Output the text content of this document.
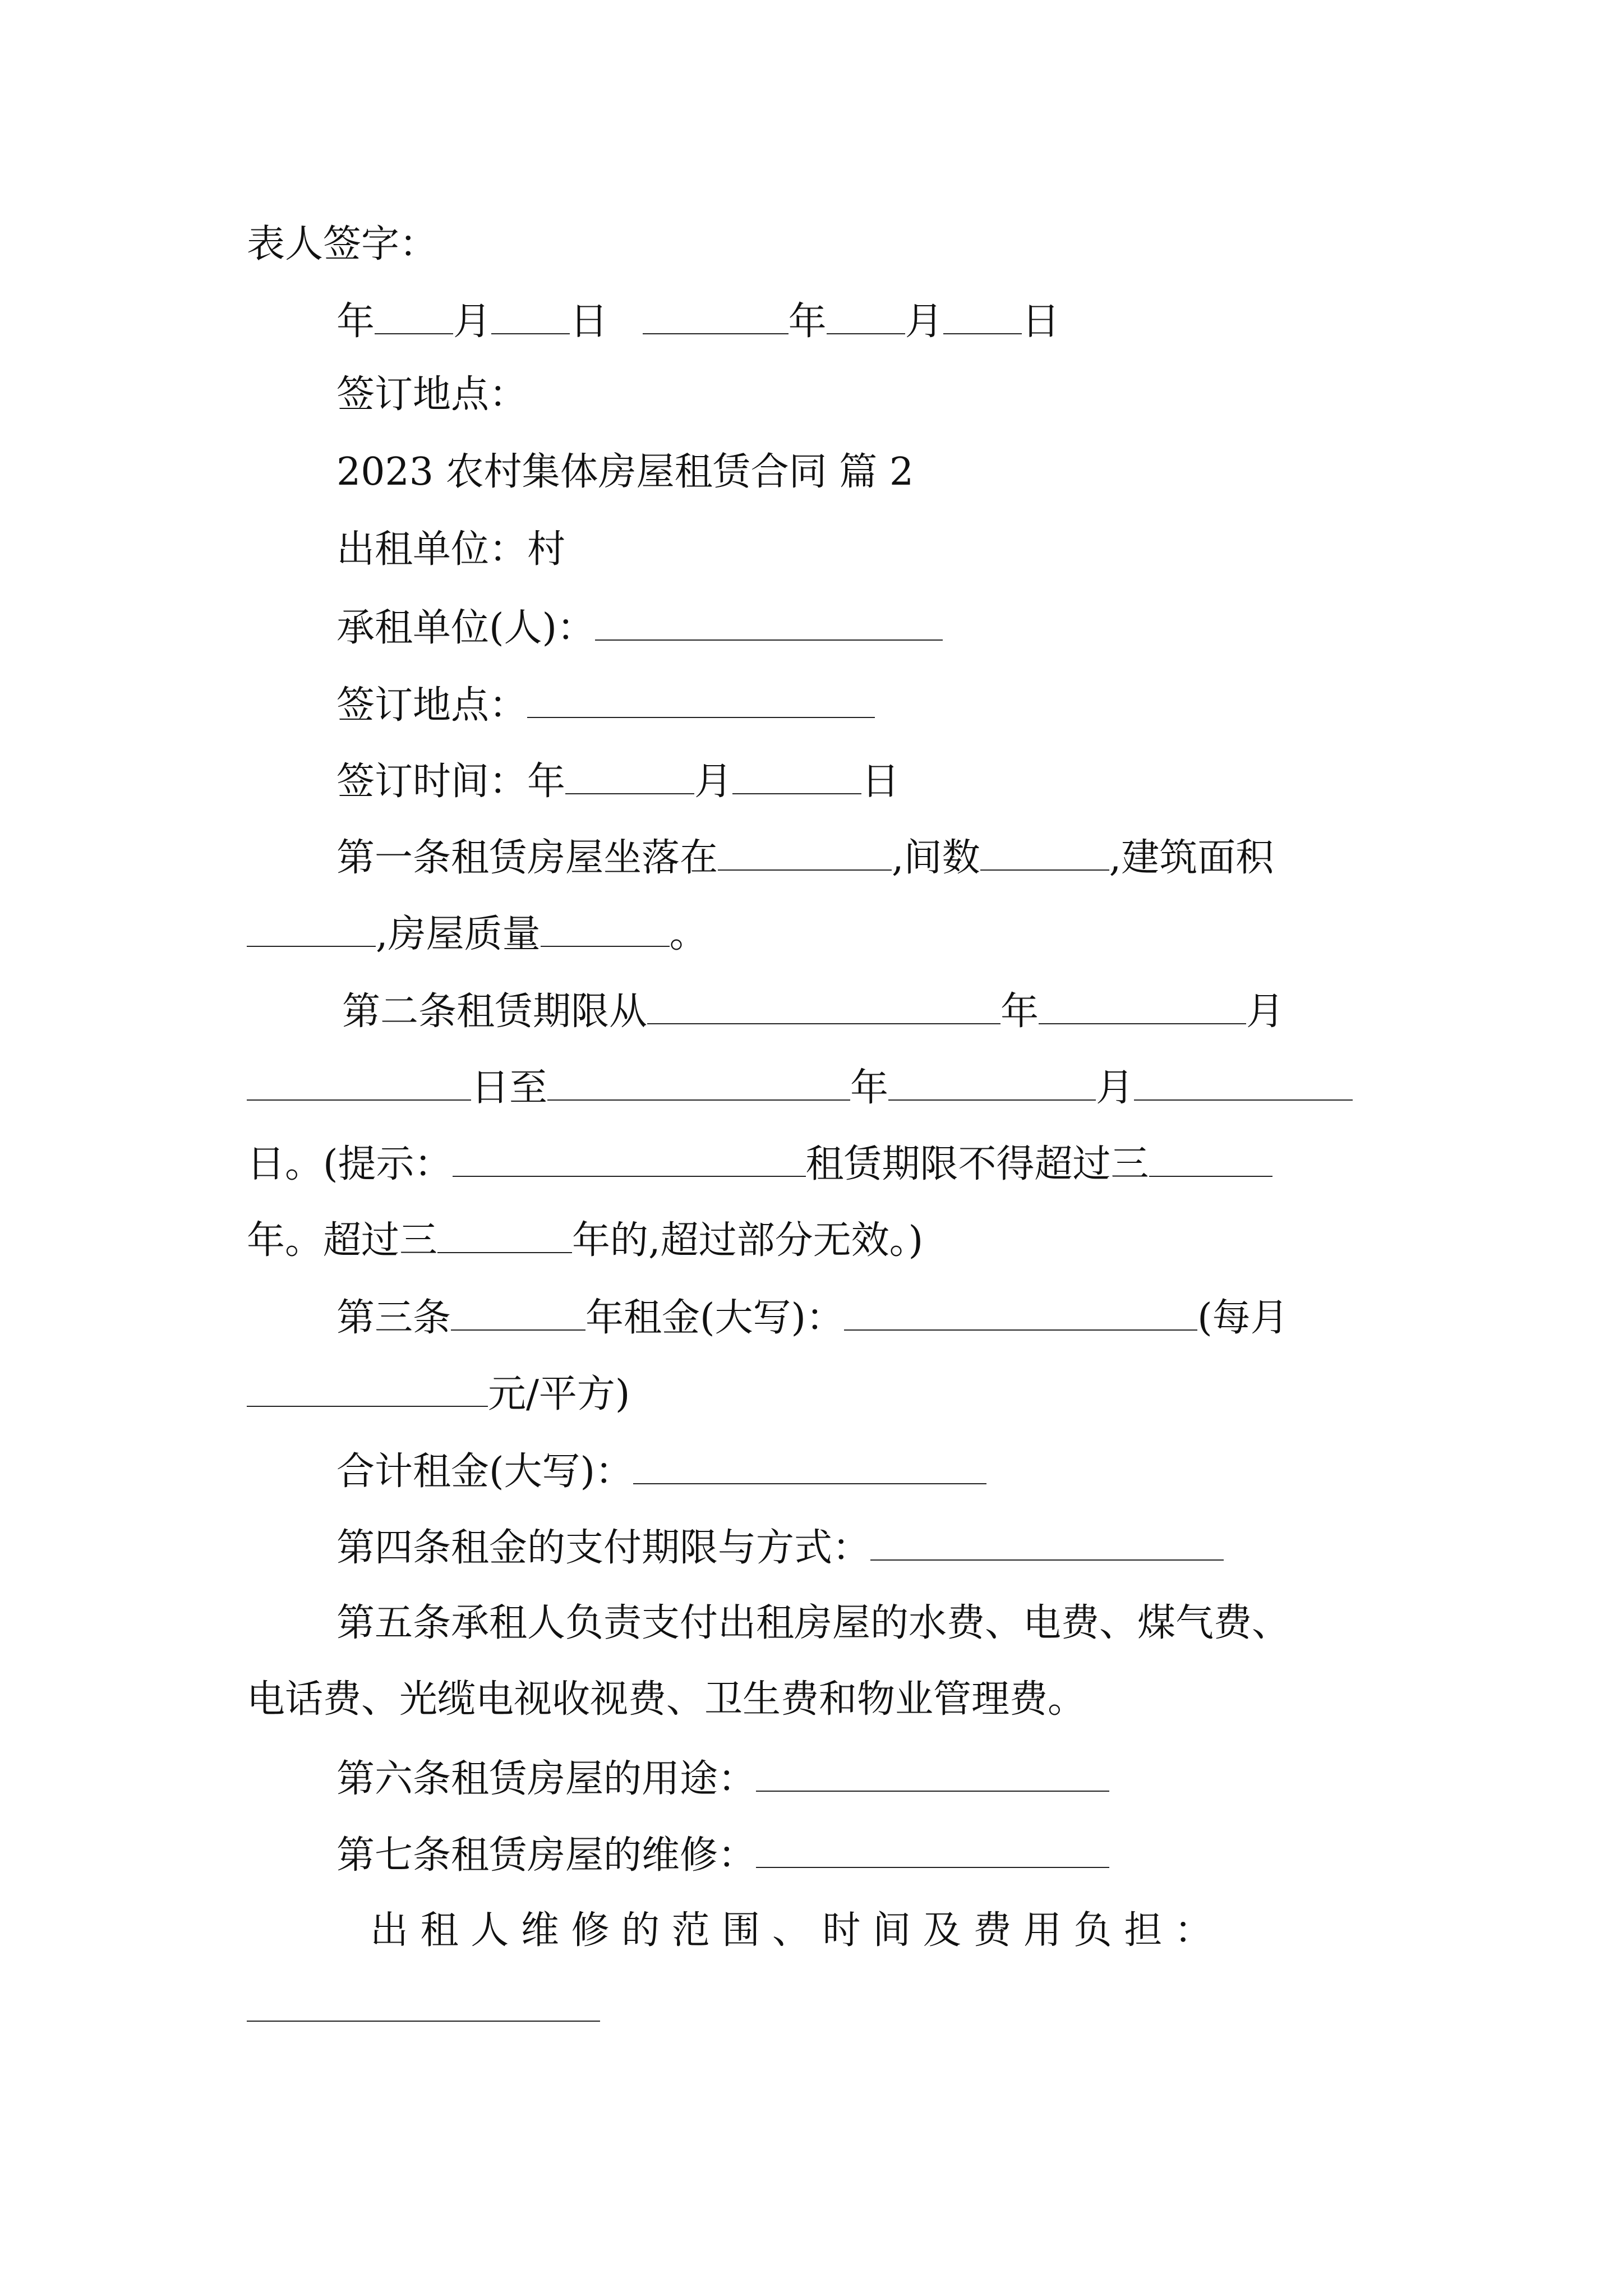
表人签字：
年 月 日	年 月 日
签订地点：
2023 农村集体房屋租赁合同 篇 2
出租单位：村
承租单位(人)：
签订地点：
签订时间：年	月	日
第一条租赁房屋坐落在	,间数	,建筑面积
,房屋质量	。
第二条租赁期限从	年	月
日至	年	月
日。(提示：	租赁期限不得超过三
年。超过三	年的,超过部分无效。)
第三条	年租金(大写)：	(每月
元/平方)
合计租金(大写)：
第四条租金的支付期限与方式：
第五条承租人负责支付出租房屋的水费、电费、煤气费、
电话费、光缆电视收视费、卫生费和物业管理费。
第六条租赁房屋的用途：
第七条租赁房屋的维修：
出 租 人 维 修 的 范 围 、 时 间 及 费 用 负 担 ：
